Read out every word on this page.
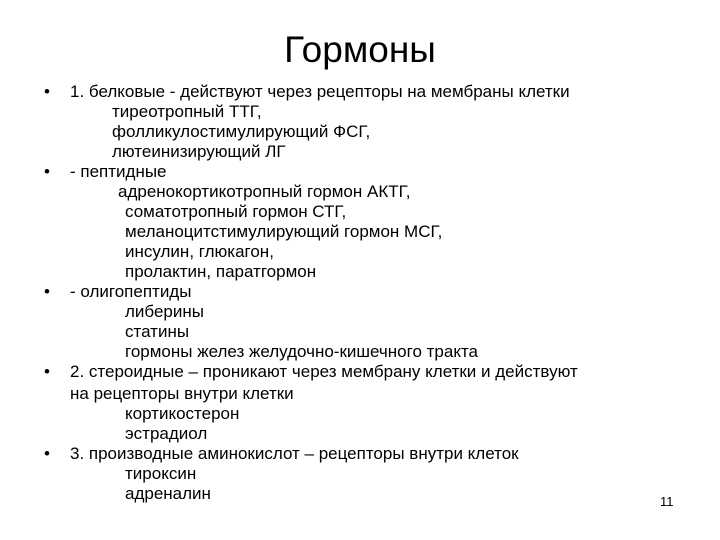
Гормоны
•
•
•
•
•
1. белковые - действуют через рецепторы на мембраны клетки
тиреотропный ТТГ,
фолликулостимулирующий ФСГ,
лютеинизирующий ЛГ
- пептидные
адренокортикотропный гормон АКТГ,
соматотропный гормон СТГ,
меланоцитстимулирующий гормон МСГ,
инсулин, глюкагон,
пролактин, паратгормон
- олигопептиды
либерины
статины
гормоны желез желудочно-кишечного тракта
2. стероидные – проникают через мембрану клетки и действуют
на рецепторы внутри клетки
кортикостерон
эстрадиол
3. производные аминокислот – рецепторы внутри клеток
тироксин
адреналин	11
